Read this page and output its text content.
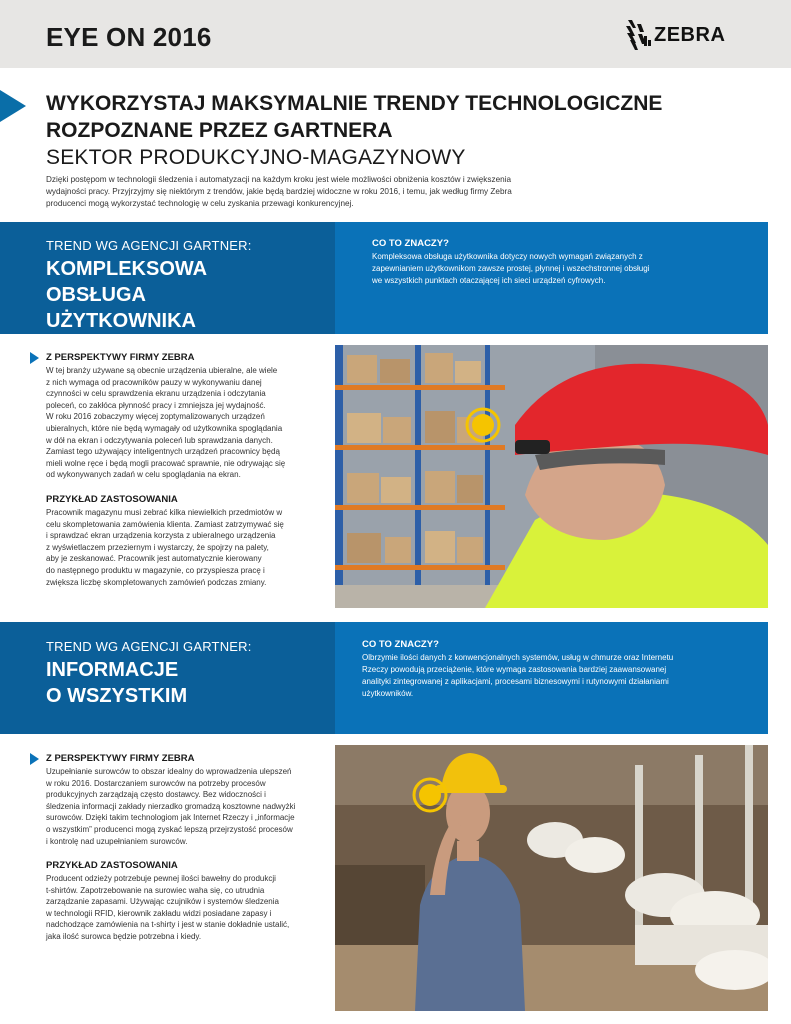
EYE ON 2016	ZEBRA
WYKORZYSTAJ MAKSYMALNIE TRENDY TECHNOLOGICZNE
ROZPOZNANE PRZEZ GARTNERA
SEKTOR PRODUKCYJNO-MAGAZYNOWY
Dzięki postępom w technologii śledzenia i automatyzacji na każdym kroku jest wiele możliwości obniżenia kosztów i zwiększenia
wydajności pracy. Przyjrzyjmy się niektórym z trendów, jakie będą bardziej widoczne w roku 2016, i temu, jak według firmy Zebra
producenci mogą wykorzystać technologię w celu zyskania przewagi konkurencyjnej.
TREND WG AGENCJI GARTNER:
KOMPLEKSOWA
OBSŁUGA
UŻYTKOWNIKA
CO TO ZNACZY?
Kompleksowa obsługa użytkownika dotyczy nowych wymagań związanych z
zapewnianiem użytkownikom zawsze prostej, płynnej i wszechstronnej obsługi
we wszystkich punktach otaczającej ich sieci urządzeń cyfrowych.
Z PERSPEKTYWY FIRMY ZEBRA
W tej branży używane są obecnie urządzenia ubieralne, ale wiele
z nich wymaga od pracowników pauzy w wykonywaniu danej
czynności w celu sprawdzenia ekranu urządzenia i odczytania
poleceń, co zakłóca płynność pracy i zmniejsza jej wydajność.
W roku 2016 zobaczymy więcej zoptymalizowanych urządzeń
ubieralnych, które nie będą wymagały od użytkownika spoglądania
w dół na ekran i odczytywania poleceń lub sprawdzania danych.
Zamiast tego używający inteligentnych urządzeń pracownicy będą
mieli wolne ręce i będą mogli pracować sprawnie, nie odrywając się
od wykonywanych zadań w celu spoglądania na ekran.
PRZYKŁAD ZASTOSOWANIA
Pracownik magazynu musi zebrać kilka niewielkich przedmiotów w
celu skompletowania zamówienia klienta. Zamiast zatrzymywać się
i sprawdzać ekran urządzenia korzysta z ubieralnego urządzenia
z wyświetlaczem przeziernym i wystarczy, że spojrzy na palety,
aby je zeskanować. Pracownik jest automatycznie kierowany
do następnego produktu w magazynie, co przyspiesza pracę i
zwiększa liczbę skompletowanych zamówień podczas zmiany.
TREND WG AGENCJI GARTNER:
INFORMACJE
O WSZYSTKIM
CO TO ZNACZY?
Olbrzymie ilości danych z konwencjonalnych systemów, usług w chmurze oraz Internetu
Rzeczy powodują przeciążenie, które wymaga zastosowania bardziej zaawansowanej
analityki zintegrowanej z aplikacjami, procesami biznesowymi i rutynowymi działaniami
użytkowników.
Z PERSPEKTYWY FIRMY ZEBRA
Uzupełnianie surowców to obszar idealny do wprowadzenia ulepszeń
w roku 2016. Dostarczaniem surowców na potrzeby procesów
produkcyjnych zarządzają często dostawcy. Bez widoczności i
śledzenia informacji zakłady nierzadko gromadzą kosztowne nadwyżki
surowców. Dzięki takim technologiom jak Internet Rzeczy i „informacje
o wszystkim” producenci mogą zyskać lepszą przejrzystość procesów
i kontrolę nad uzupełnianiem surowców.
PRZYKŁAD ZASTOSOWANIA
Producent odzieży potrzebuje pewnej ilości bawełny do produkcji
t-shirtów. Zapotrzebowanie na surowiec waha się, co utrudnia
zarządzanie zapasami. Używając czujników i systemów śledzenia
w technologii RFID, kierownik zakładu widzi posiadane zapasy i
nadchodzące zamówienia na t-shirty i jest w stanie dokładnie ustalić,
jaka ilość surowca będzie potrzebna i kiedy.
